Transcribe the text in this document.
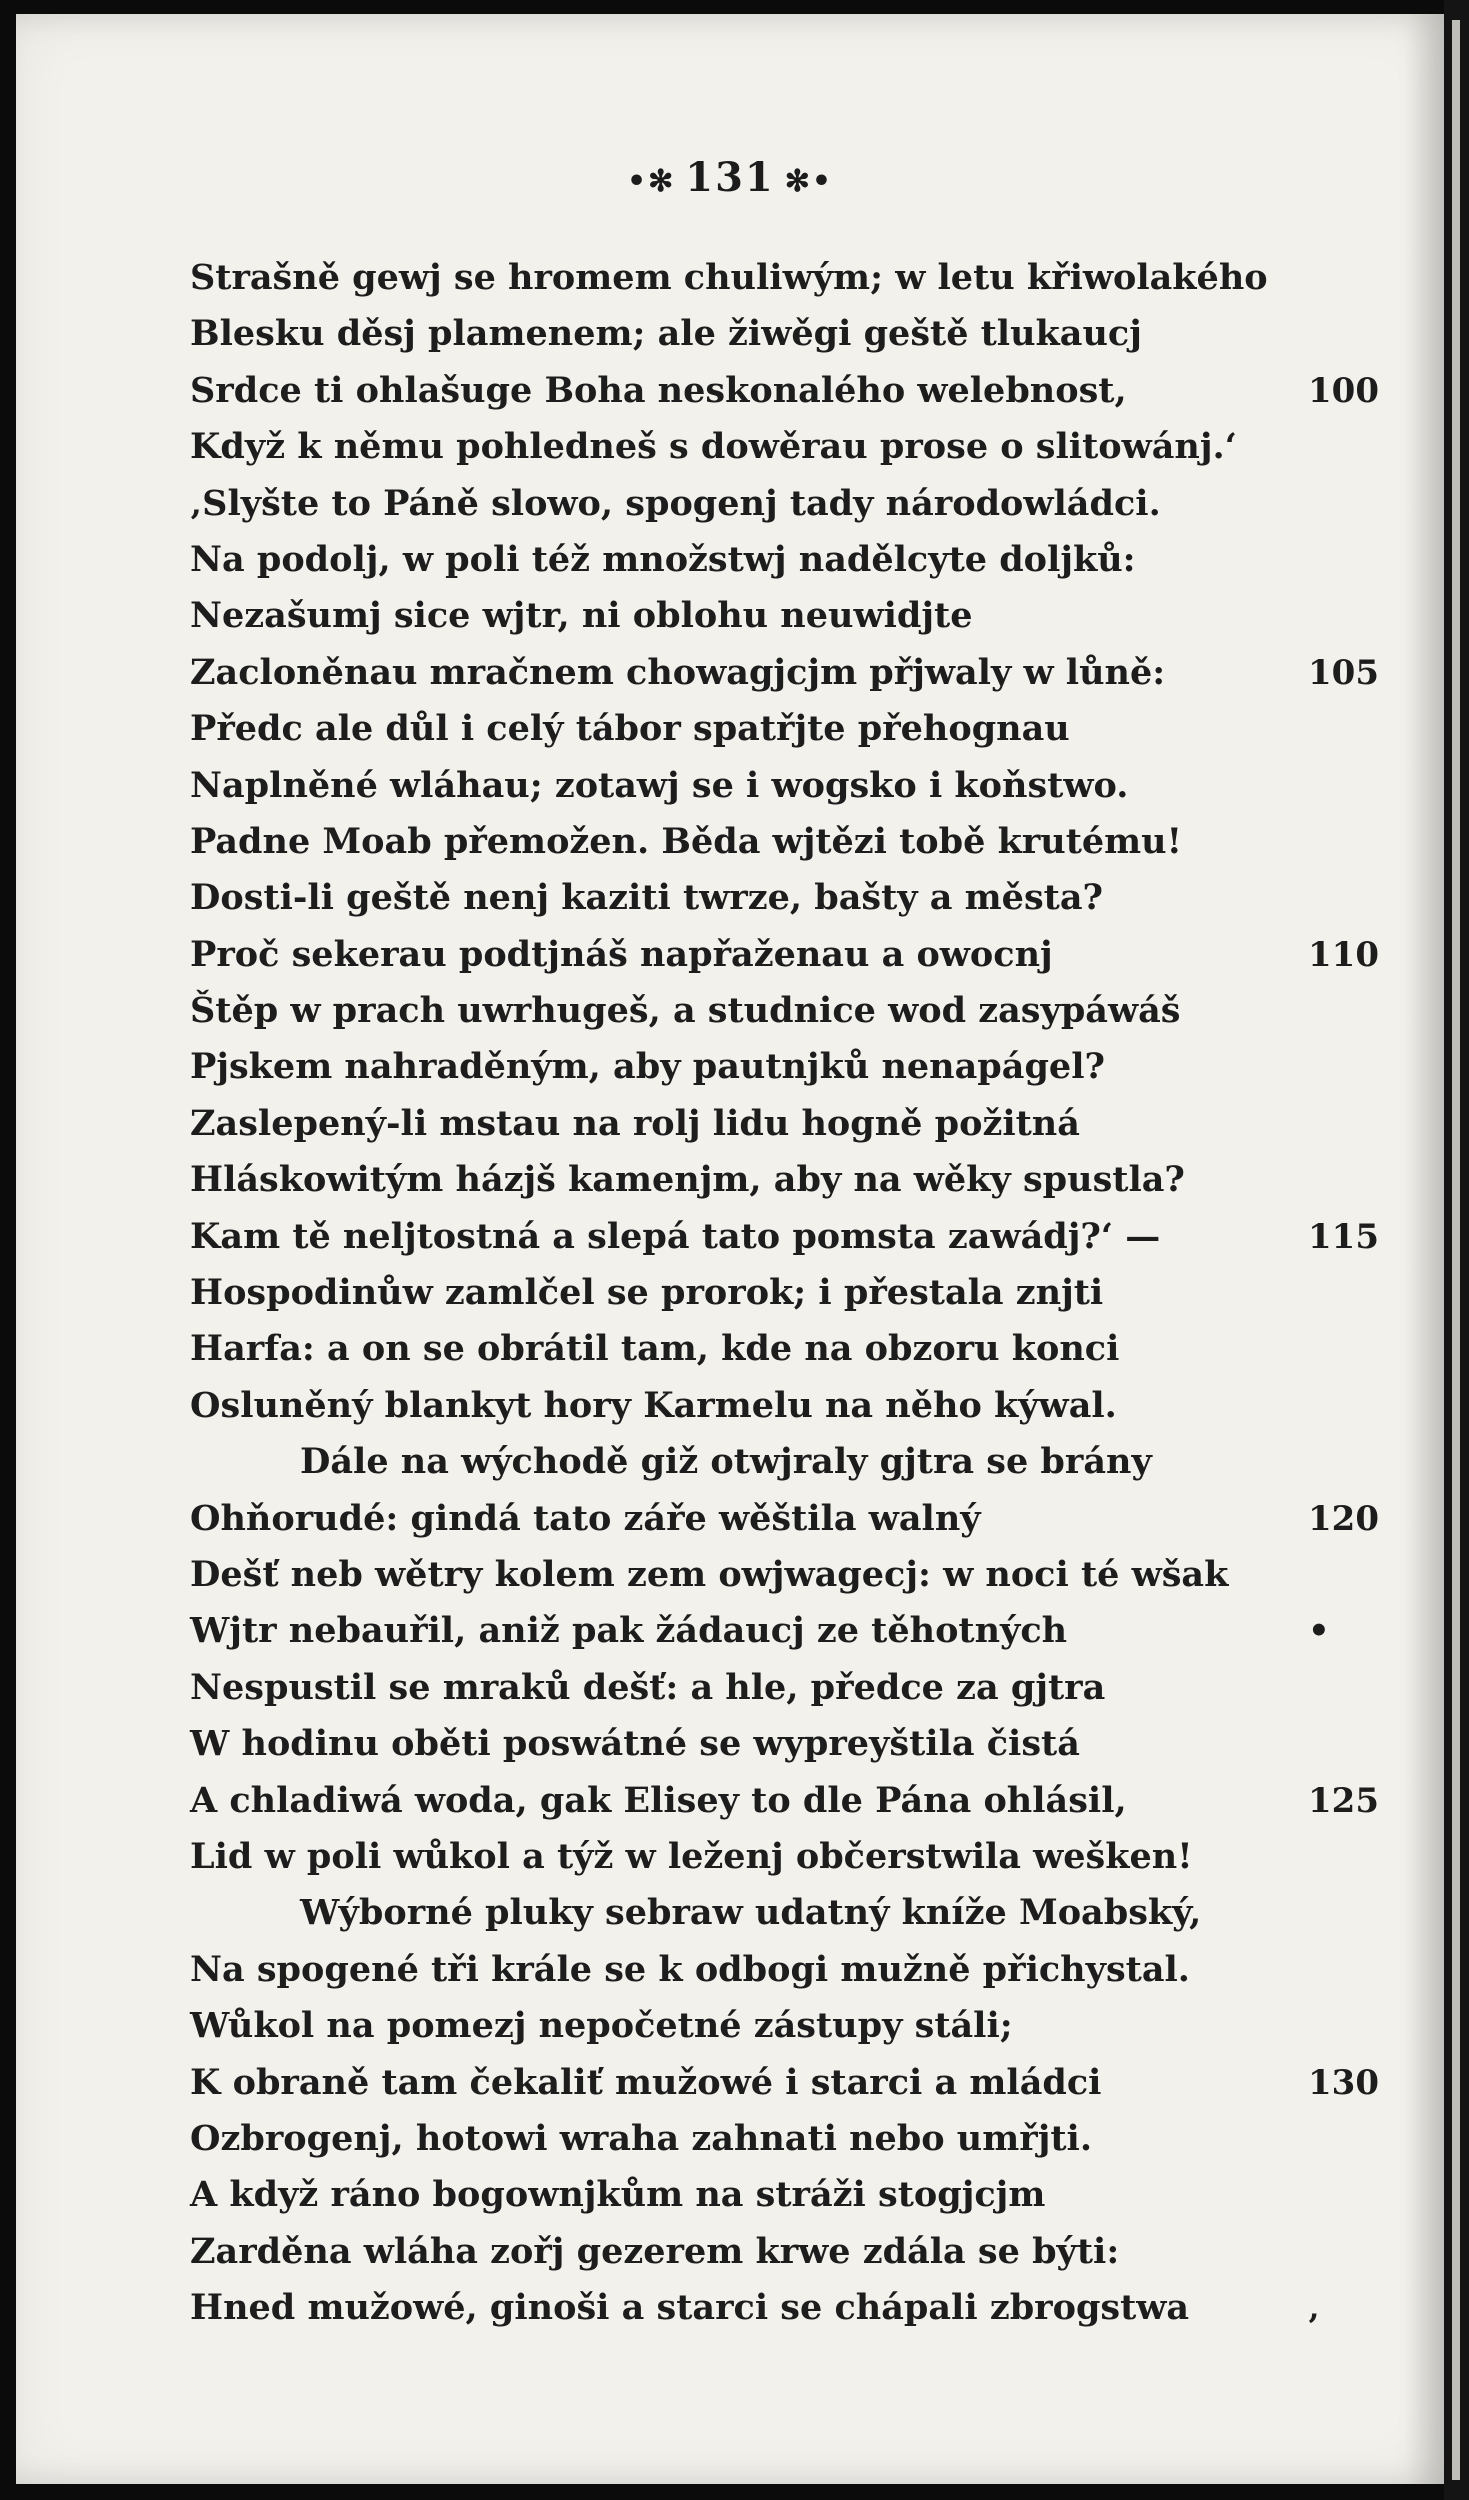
•✻ 131 ✻•
Strašně gewj se hromem chuliwým; w letu křiwolakého
Blesku děsj plamenem; ale žiwěgi geště tlukaucj
Srdce ti ohlašuge Boha neskonalého welebnost,	100
Když k němu pohledneš s dowěrau prose o slitowánj.‘
‚Slyšte to Páně slowo, spogenj tady národowládci.
Na podolj, w poli též množstwj nadělcyte doljků:
Nezašumj sice wjtr, ni oblohu neuwidjte
Zacloněnau mračnem chowagjcjm přjwaly w lůně:	105
Předc ale důl i celý tábor spatřjte přehognau
Naplněné wláhau; zotawj se i wogsko i koňstwo.
Padne Moab přemožen. Běda wjtězi tobě krutému!
Dosti-li geště nenj kaziti twrze, bašty a města?
Proč sekerau podtjnáš napřaženau a owocnj	110
Štěp w prach uwrhugeš, a studnice wod zasypáwáš
Pjskem nahraděným, aby pautnjků nenapágel?
Zaslepený-li mstau na rolj lidu hogně požitná
Hláskowitým házjš kamenjm, aby na wěky spustla?
Kam tě neljtostná a slepá tato pomsta zawádj?‘ —	115
Hospodinůw zamlčel se prorok; i přestala znjti
Harfa: a on se obrátil tam, kde na obzoru konci
Osluněný blankyt hory Karmelu na něho kýwal.
Dále na wýchodě giž otwjraly gjtra se brány
Ohňorudé: gindá tato záře wěštila walný	120
Dešť neb wětry kolem zem owjwagecj: w noci té wšak
Wjtr nebauřil, aniž pak žádaucj ze těhotných	•
Nespustil se mraků dešť: a hle, předce za gjtra
W hodinu oběti poswátné se wypreyštila čistá
A chladiwá woda, gak Elisey to dle Pána ohlásil,	125
Lid w poli wůkol a týž w leženj občerstwila wešken!
Wýborné pluky sebraw udatný kníže Moabský,
Na spogené tři krále se k odbogi mužně přichystal.
Wůkol na pomezj nepočetné zástupy stáli;
K obraně tam čekaliť mužowé i starci a mládci	130
Ozbrogenj, hotowi wraha zahnati nebo umřjti.
A když ráno bogownjkům na stráži stogjcjm
Zarděna wláha zořj gezerem krwe zdála se býti:
Hned mužowé, ginoši a starci se chápali zbrogstwa	‚
